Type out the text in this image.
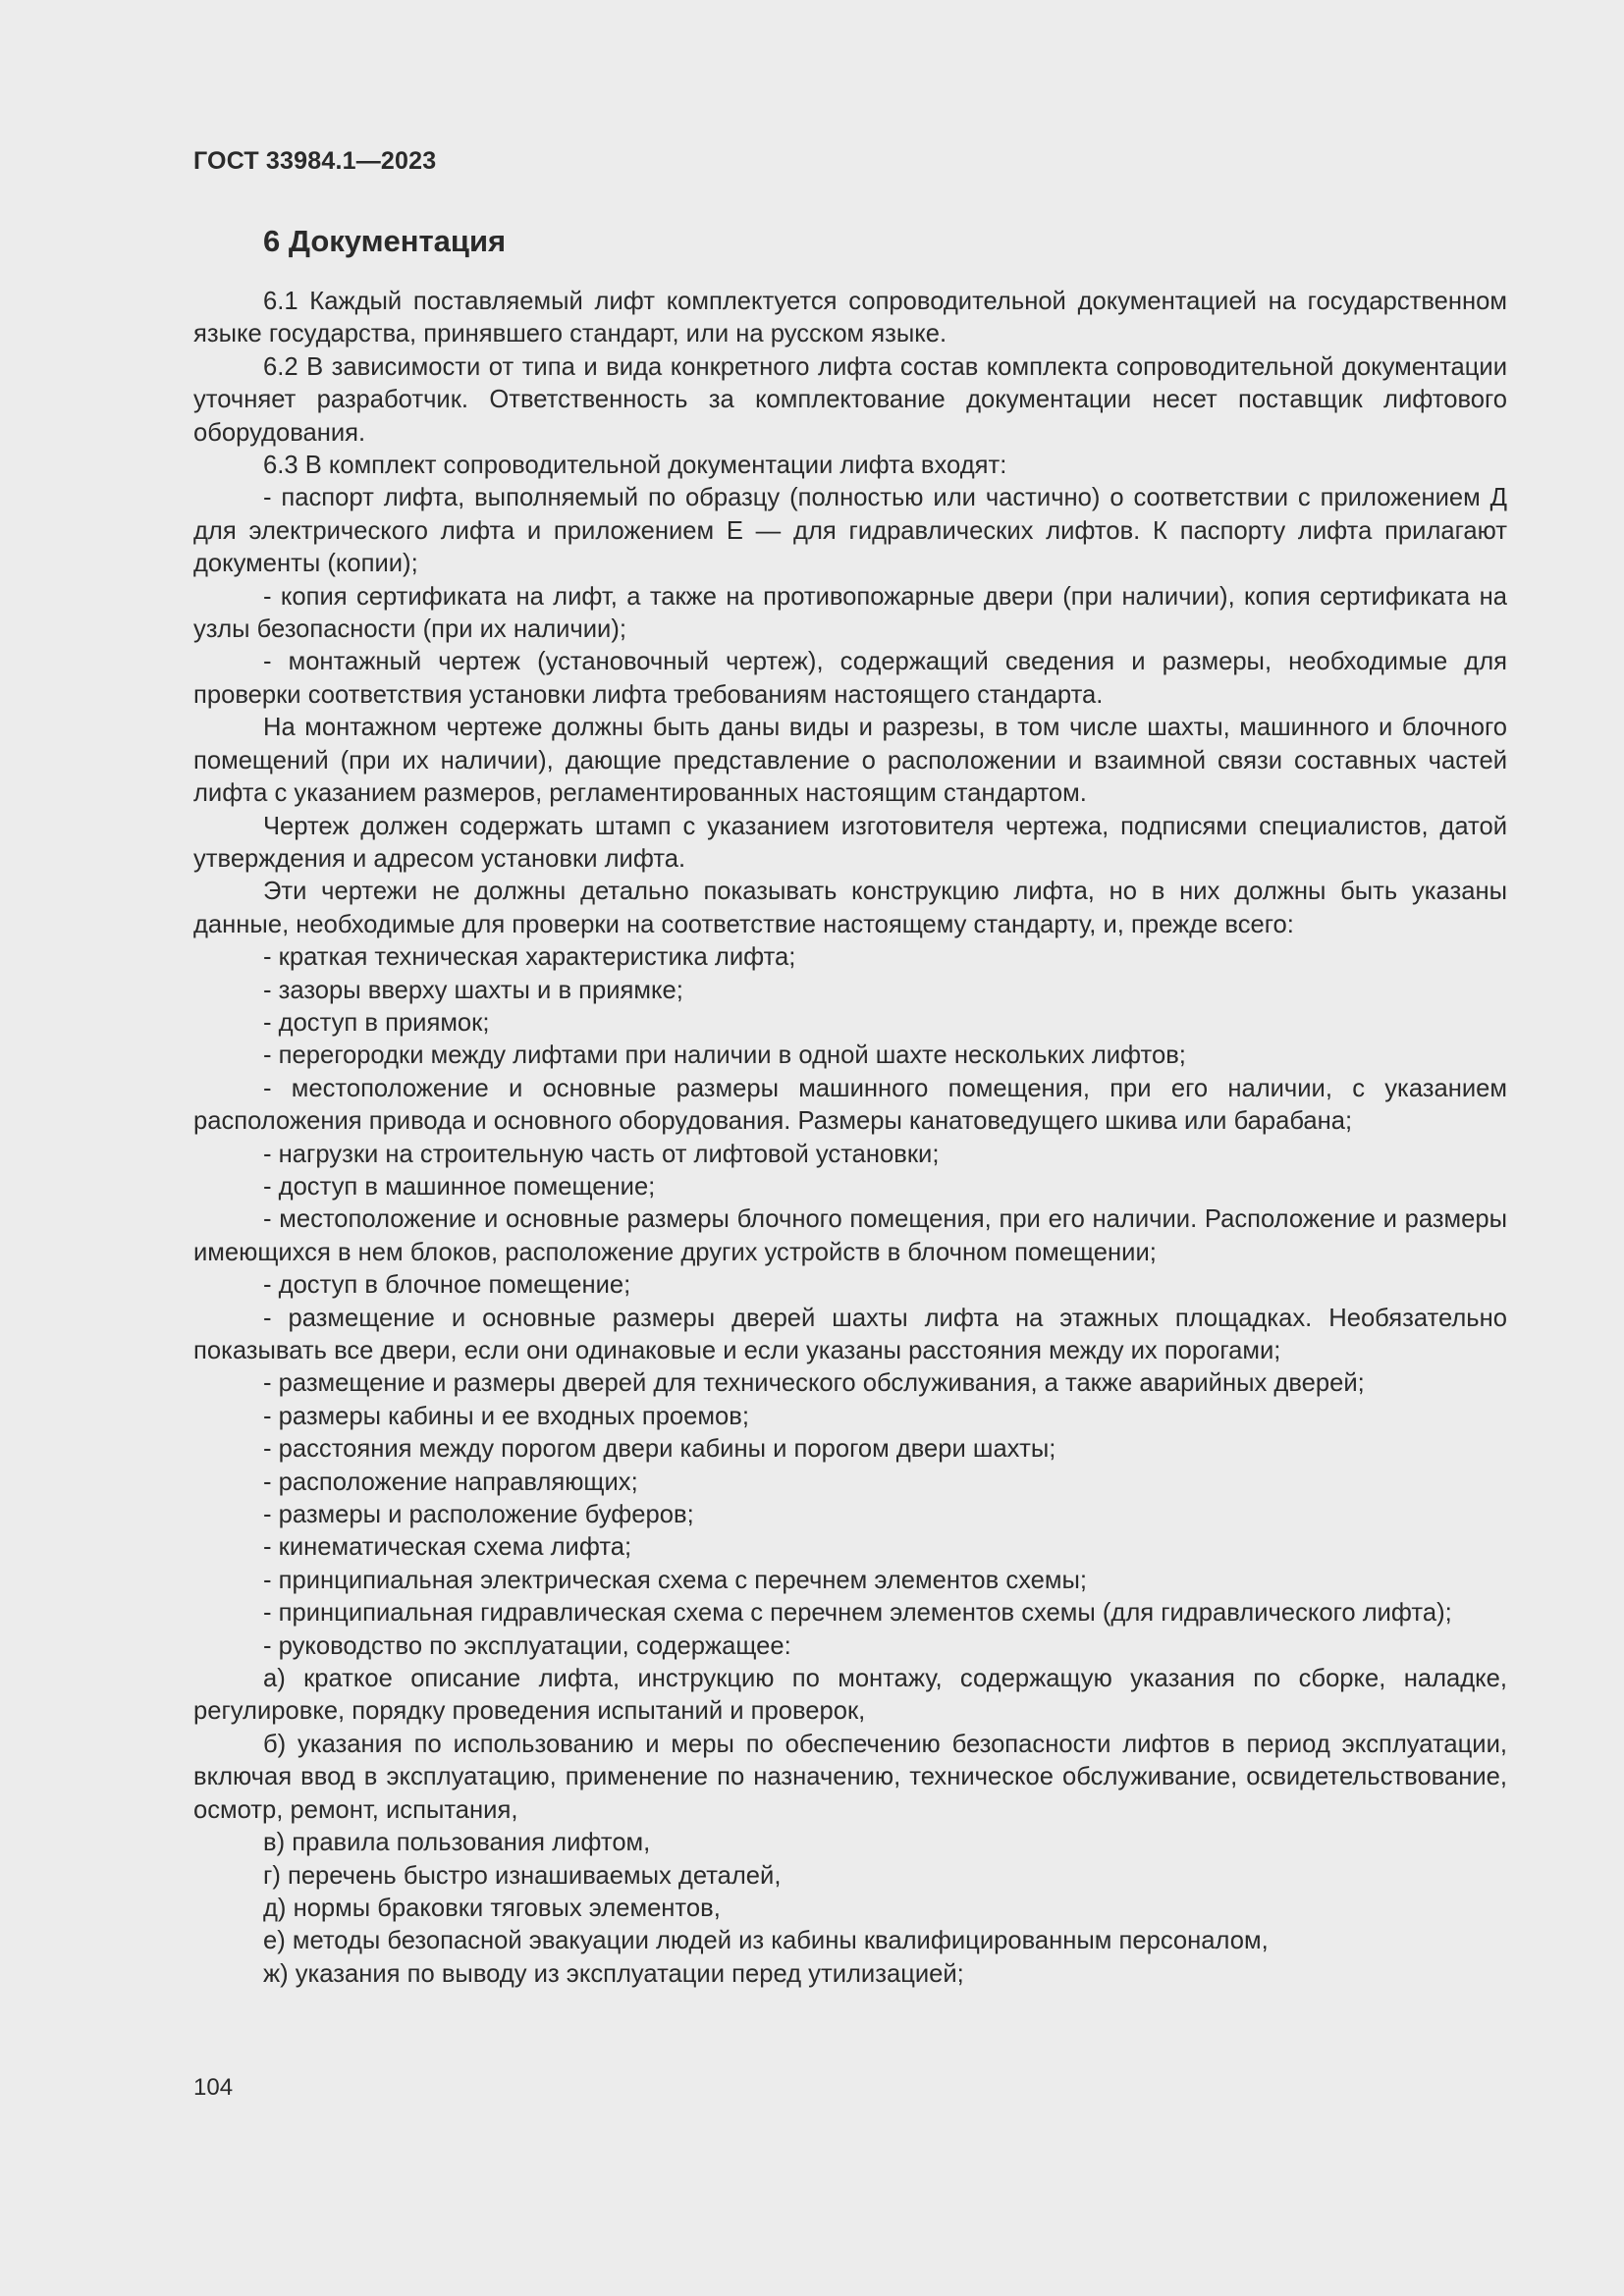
ГОСТ 33984.1—2023
6 Документация

6.1 Каждый поставляемый лифт комплектуется сопроводительной документацией на государственном языке государства, принявшего стандарт, или на русском языке.

6.2 В зависимости от типа и вида конкретного лифта состав комплекта сопроводительной документации уточняет разработчик. Ответственность за комплектование документации несет поставщик лифтового оборудования.

6.3 В комплект сопроводительной документации лифта входят:

- паспорт лифта, выполняемый по образцу (полностью или частично) о соответствии с приложением Д для электрического лифта и приложением Е — для гидравлических лифтов. К паспорту лифта прилагают документы (копии);

- копия сертификата на лифт, а также на противопожарные двери (при наличии), копия сертификата на узлы безопасности (при их наличии);

- монтажный чертеж (установочный чертеж), содержащий сведения и размеры, необходимые для проверки соответствия установки лифта требованиям настоящего стандарта.

На монтажном чертеже должны быть даны виды и разрезы, в том числе шахты, машинного и блочного помещений (при их наличии), дающие представление о расположении и взаимной связи составных частей лифта с указанием размеров, регламентированных настоящим стандартом.

Чертеж должен содержать штамп с указанием изготовителя чертежа, подписями специалистов, датой утверждения и адресом установки лифта.

Эти чертежи не должны детально показывать конструкцию лифта, но в них должны быть указаны данные, необходимые для проверки на соответствие настоящему стандарту, и, прежде всего:

- краткая техническая характеристика лифта;

- зазоры вверху шахты и в приямке;

- доступ в приямок;

- перегородки между лифтами при наличии в одной шахте нескольких лифтов;

- местоположение и основные размеры машинного помещения, при его наличии, с указанием расположения привода и основного оборудования. Размеры канатоведущего шкива или барабана;

- нагрузки на строительную часть от лифтовой установки;

- доступ в машинное помещение;

- местоположение и основные размеры блочного помещения, при его наличии. Расположение и размеры имеющихся в нем блоков, расположение других устройств в блочном помещении;

- доступ в блочное помещение;

- размещение и основные размеры дверей шахты лифта на этажных площадках. Необязательно показывать все двери, если они одинаковые и если указаны расстояния между их порогами;

- размещение и размеры дверей для технического обслуживания, а также аварийных дверей;

- размеры кабины и ее входных проемов;

- расстояния между порогом двери кабины и порогом двери шахты;

- расположение направляющих;

- размеры и расположение буферов;

- кинематическая схема лифта;

- принципиальная электрическая схема с перечнем элементов схемы;

- принципиальная гидравлическая схема с перечнем элементов схемы (для гидравлического лифта);

- руководство по эксплуатации, содержащее:

а) краткое описание лифта, инструкцию по монтажу, содержащую указания по сборке, наладке, регулировке, порядку проведения испытаний и проверок,

б) указания по использованию и меры по обеспечению безопасности лифтов в период эксплуатации, включая ввод в эксплуатацию, применение по назначению, техническое обслуживание, освидетельствование, осмотр, ремонт, испытания,

в) правила пользования лифтом,

г) перечень быстро изнашиваемых деталей,

д) нормы браковки тяговых элементов,

е) методы безопасной эвакуации людей из кабины квалифицированным персоналом,

ж) указания по выводу из эксплуатации перед утилизацией;

104
